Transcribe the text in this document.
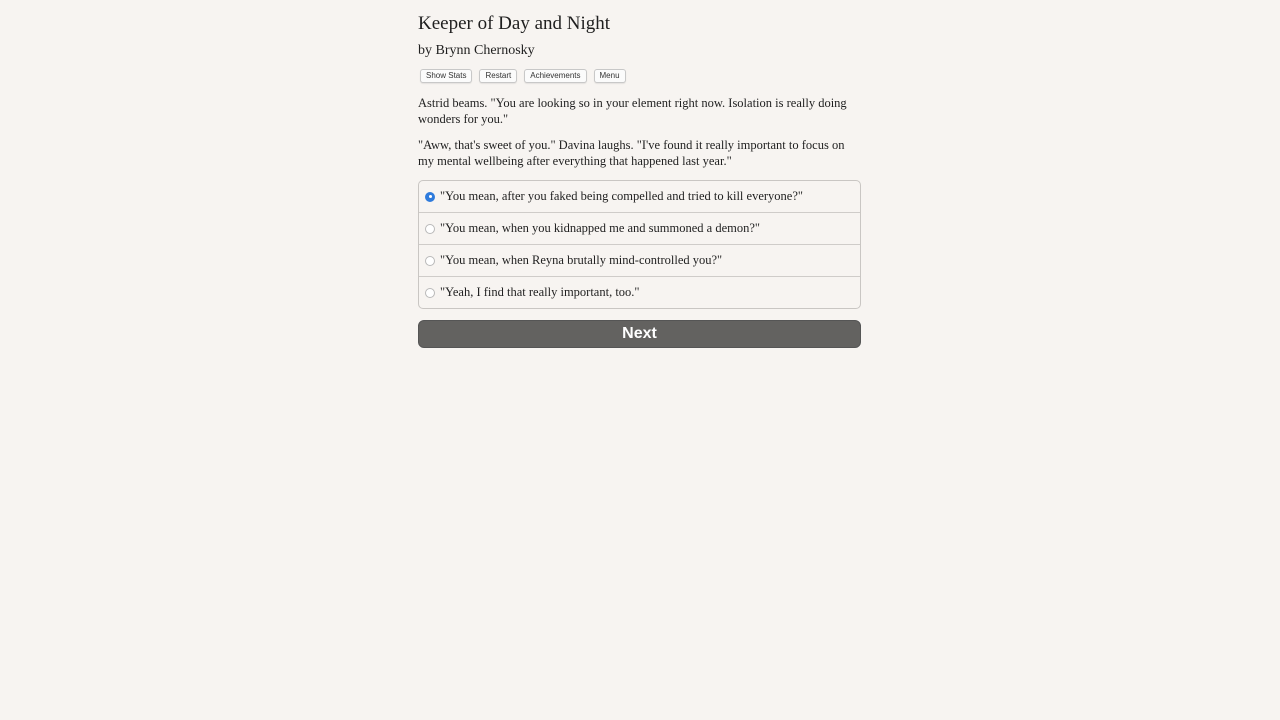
Keeper of Day and Night
by Brynn Chernosky
Show Stats	Restart	Achievements	Menu

Astrid beams. "You are looking so in your element right now. Isolation is really doing wonders for you."

"Aww, that's sweet of you." Davina laughs. "I've found it really important to focus on my mental wellbeing after everything that happened last year."

"You mean, after you faked being compelled and tried to kill everyone?"
"You mean, when you kidnapped me and summoned a demon?"
"You mean, when Reyna brutally mind-controlled you?"
"Yeah, I find that really important, too."
Next
